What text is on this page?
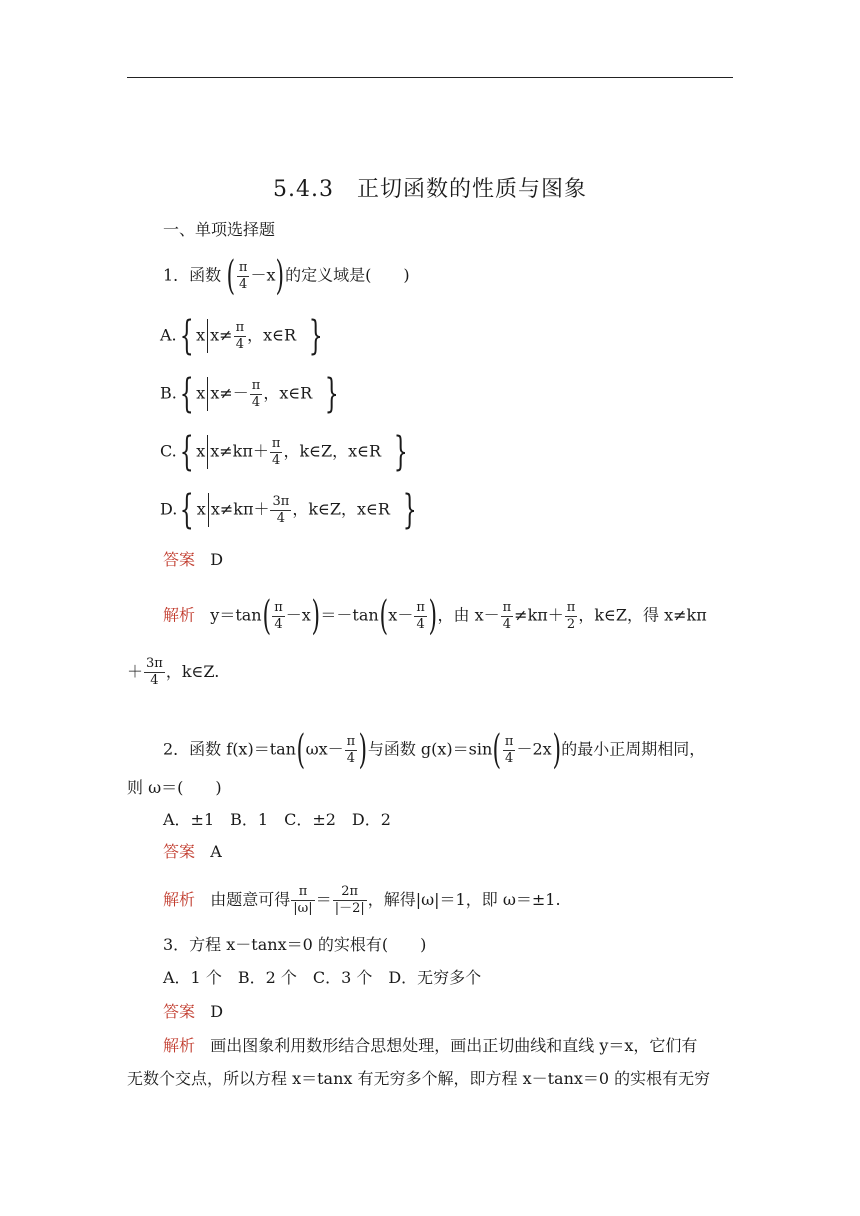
5.4.3　正切函数的性质与图象
一、单项选择题
1．函数 ( $\frac{\pi}{4} -x$)的定义域是(　　)
A.{ x $x\ne \frac{\pi}{4}$ ，x∈R }
B.{ x $x\ne- \frac{\pi}{4}$ ，x∈R }
C.{ x $x\ne k\pi+ \frac{\pi}{4}$ ，k∈Z，x∈R }
D.{ x $x\ne k\pi+ \frac{3\pi}{4}$ ，k∈Z，x∈R }
答案 D
解析 $y=\tan( \frac{\pi}{4} -x)=-\tan(x- \frac{\pi}{4}$ )，由 $x- \frac{\pi}{4} \ne k\pi+ \frac{\pi}{2}$ ，k∈Z，得 x≠kπ
＋ $\frac{3\pi}{4}$ ，k∈Z.
2．函数 $f(x)=\tan(\omega x- \frac{\pi}{4}$ )与函数 $g(x)=\sin( \frac{\pi}{4} -2x)$的最小正周期相同，
则 ω＝(　　)
A．±1　B．1　C．±2　D．2
答案 A
解析 由题意可得 $\frac{\pi}{|\omega|} = \frac{2\pi}{|-2|}$ ，解得|ω|＝1，即 ω＝±1.
3．方程 x－tanx＝0 的实根有(　　)
A．1 个　B．2 个　C．3 个　D．无穷多个
答案 D
解析 画出图象利用数形结合思想处理，画出正切曲线和直线 y＝x，它们有
无数个交点，所以方程 x＝tanx 有无穷多个解，即方程 x－tanx＝0 的实根有无穷
